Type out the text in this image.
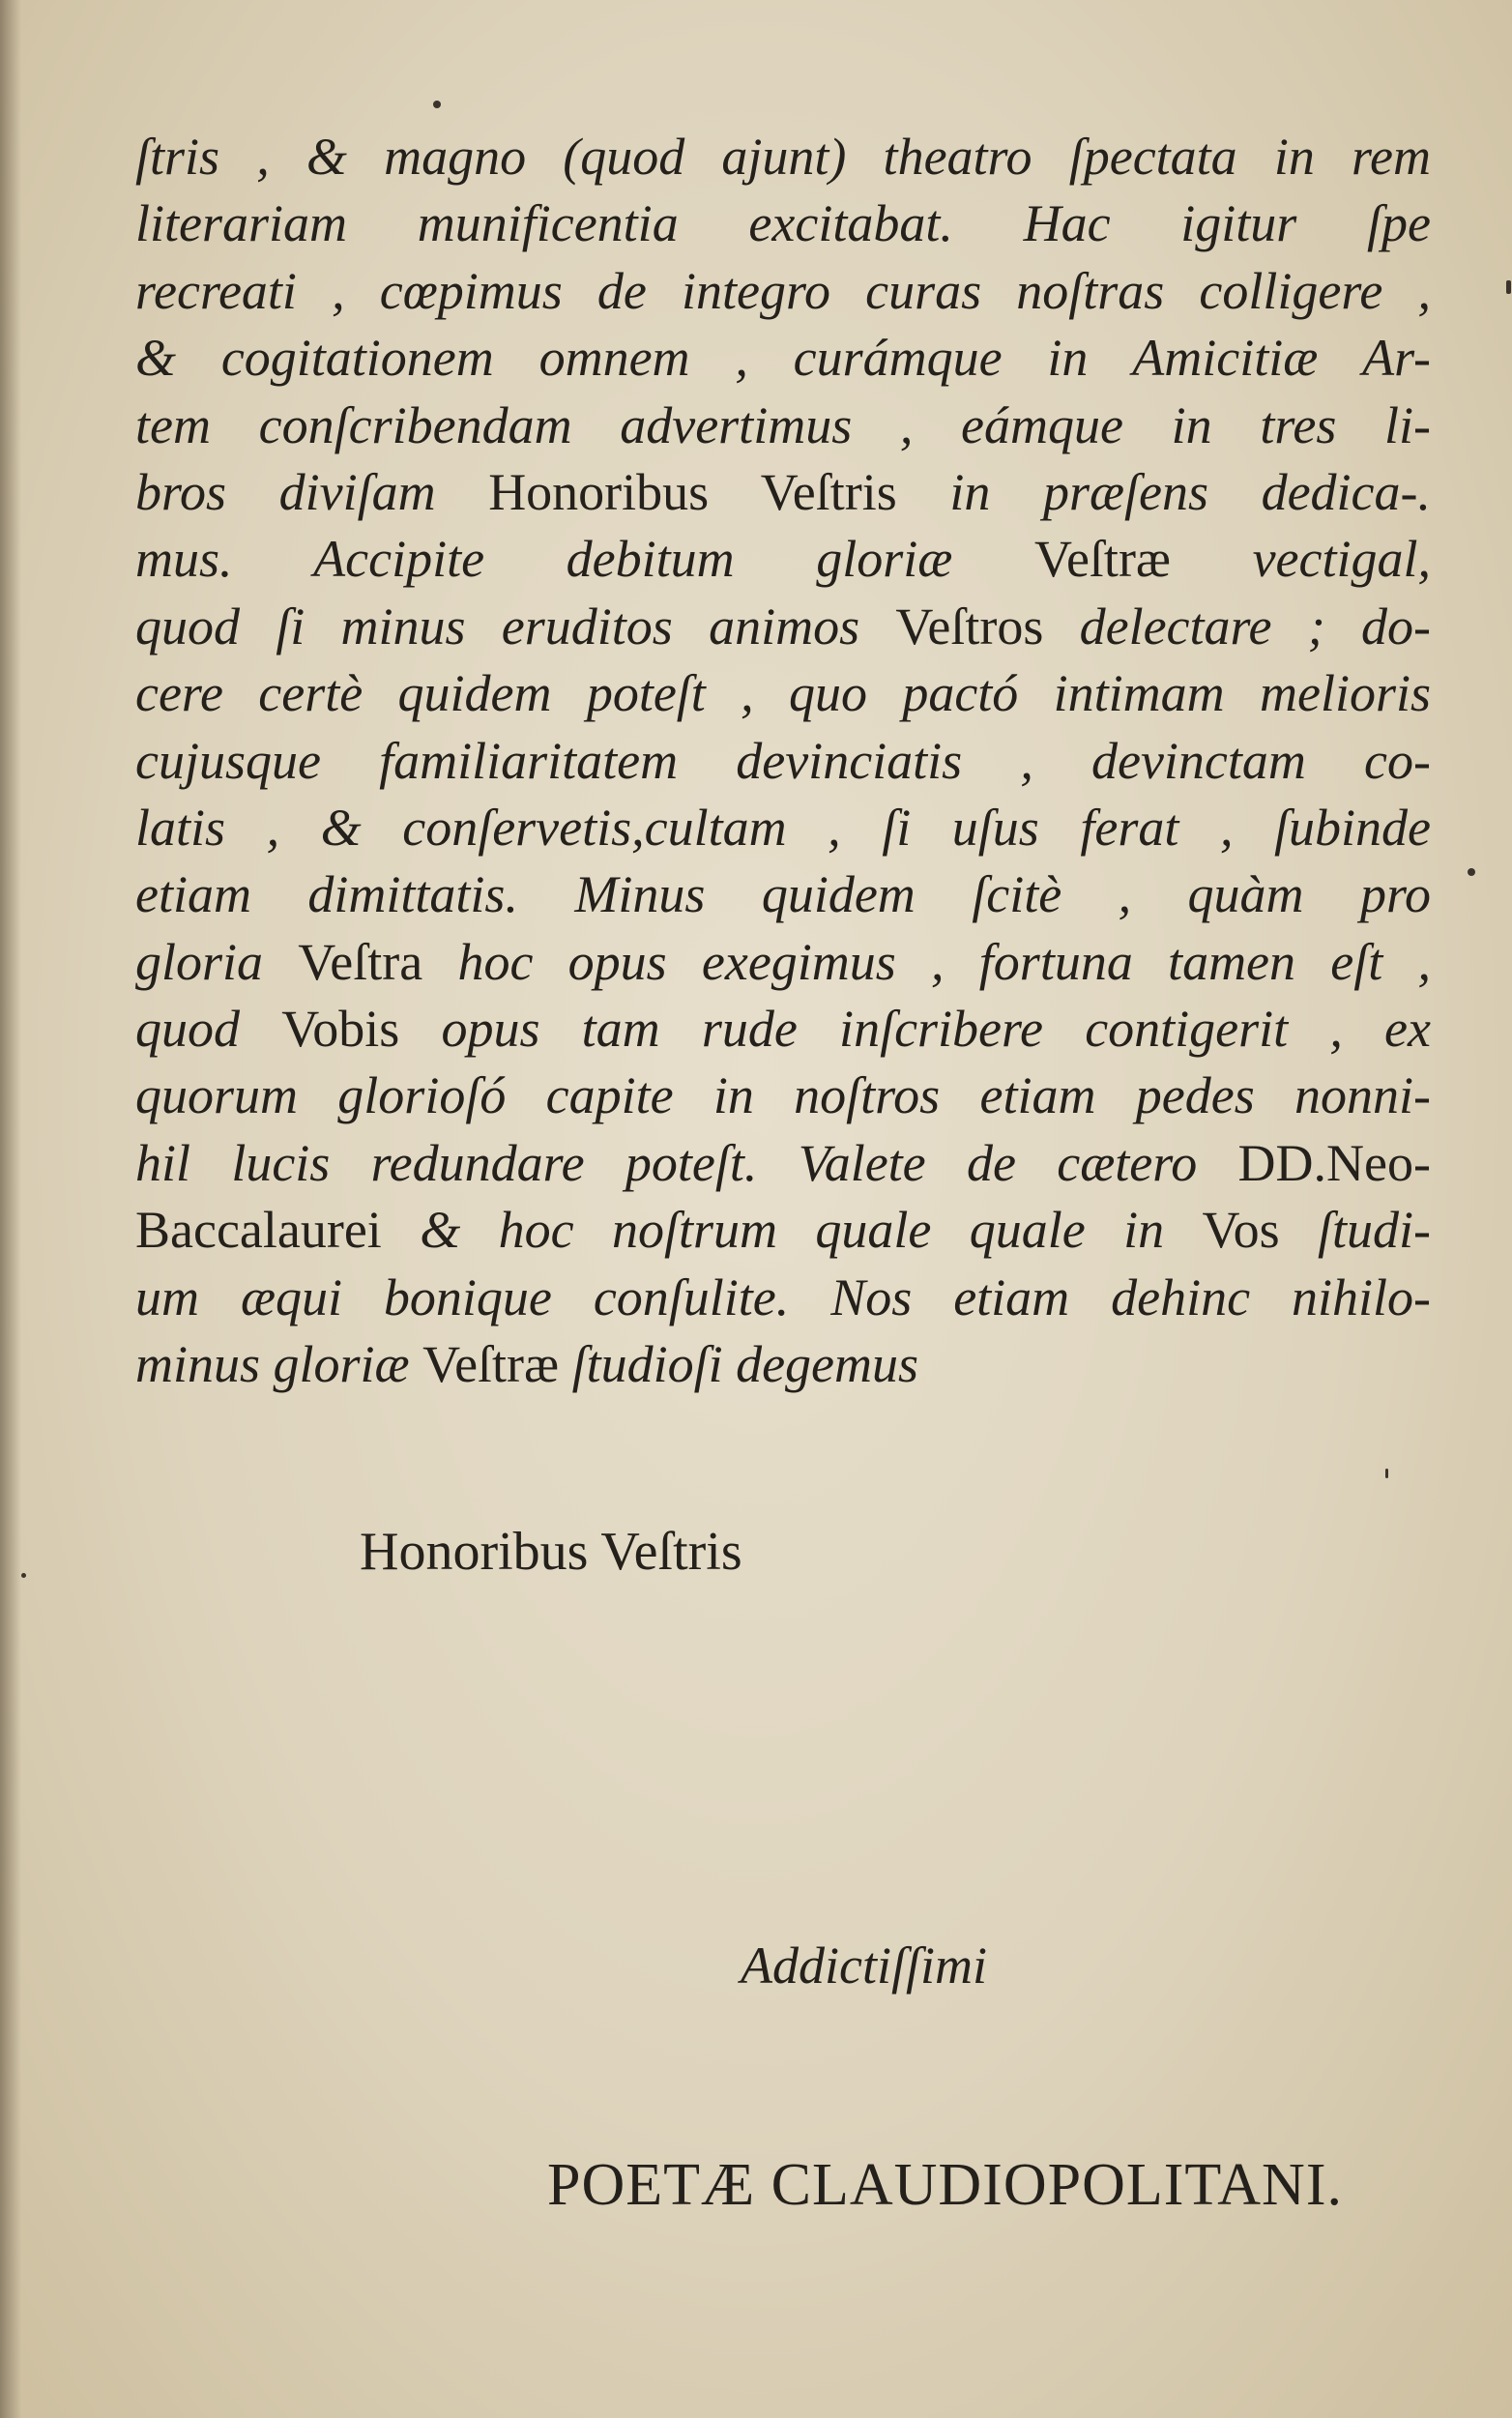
ſtris , & magno (quod ajunt) theatro ſpectata in rem
literariam munificentia excitabat. Hac igitur ſpe
recreati , cœpimus de integro curas noſtras colligere ,
& cogitationem omnem , curámque in Amicitiæ Ar-
tem conſcribendam advertimus , eámque in tres li-
bros diviſam Honoribus Veſtris in præſens dedica-.
mus. Accipite debitum gloriæ Veſtræ vectigal,
quod ſi minus eruditos animos Veſtros delectare ; do-
cere certè quidem poteſt , quo pactó intimam melioris
cujusque familiaritatem devinciatis , devinctam co-
latis , & conſervetis,cultam , ſi uſus ferat , ſubinde
etiam dimittatis. Minus quidem ſcitè , quàm pro
gloria Veſtra hoc opus exegimus , fortuna tamen eſt ,
quod Vobis opus tam rude inſcribere contigerit , ex
quorum glorioſó capite in noſtros etiam pedes nonni-
hil lucis redundare poteſt. Valete de cætero DD.Neo-
Baccalaurei & hoc noſtrum quale quale in Vos ſtudi-
um æqui bonique conſulite. Nos etiam dehinc nihilo-
minus gloriæ Veſtræ ſtudioſi degemus
Honoribus Veſtris
Addictiſſimi
POETÆ CLAUDIOPOLITANI.
